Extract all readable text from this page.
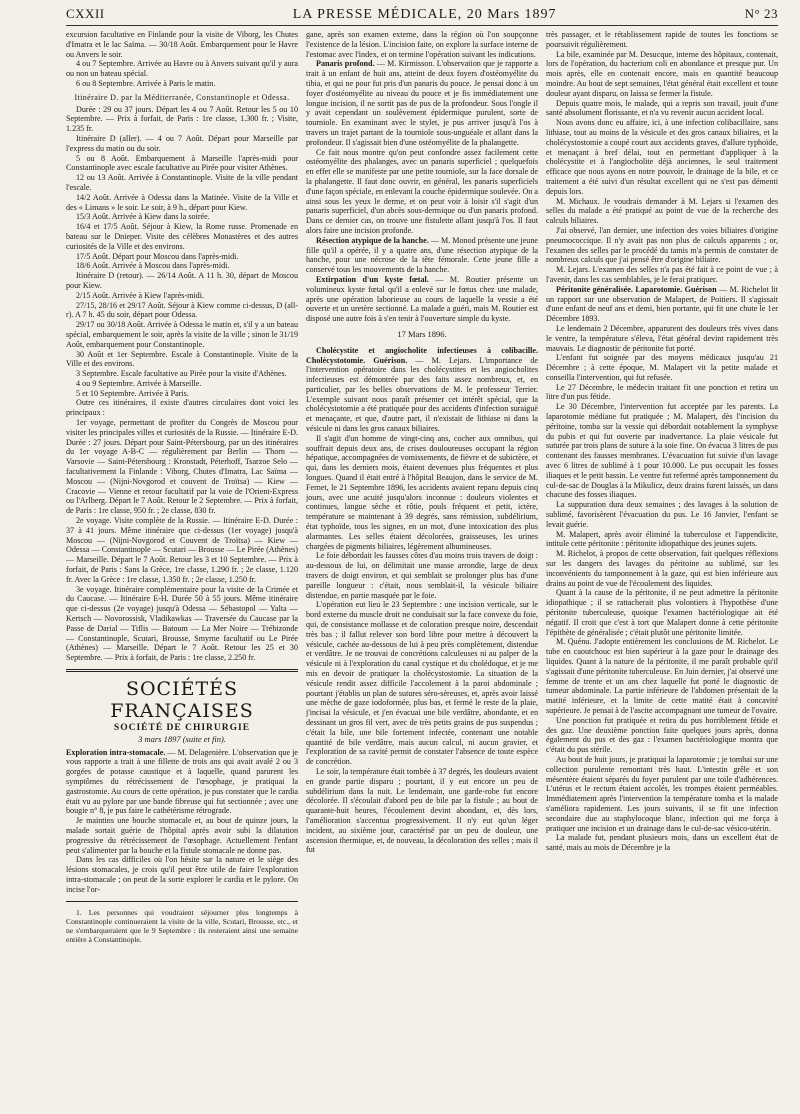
CXXII	LA PRESSE MÉDICALE, 20 Mars 1897	N° 23

excursion facultative en Finlande pour la visite de Viborg, les Chutes d'Imatra et le lac Saïma. — 30/18 Août. Embarquement pour le Havre ou Anvers le soir.

4 ou 7 Septembre. Arrivée au Havre ou à Anvers suivant qu'il y aura ou non un bateau spécial.

6 ou 8 Septembre. Arrivée à Paris le matin.

Itinéraire D. par la Méditerranée, Constantinople et Odessa.

Durée : 29 ou 37 jours. Départ les 4 ou 7 Août. Retour les 5 ou 10 Septembre. — Prix à forfait, de Paris : 1re classe, 1.300 fr. ; Visite, 1.235 fr.

Itinéraire D (aller). — 4 ou 7 Août. Départ pour Marseille par l'express du matin ou du soir.

5 ou 8 Août. Embarquement à Marseille l'après-midi pour Constantinople avec escale facultative au Pirée pour visiter Athènes.

12 ou 13 Août. Arrivée à Constantinople. Visite de la ville pendant l'escale.

14/2 Août. Arrivée à Odessa dans la Matinée. Visite de la Ville et des « Limans » le soir. Le soir, à 9 h., départ pour Kiew.

15/3 Août. Arrivée à Kiew dans la soirée.

16/4 et 17/5 Août. Séjour à Kiew, la Rome russe. Promenade en bateau sur le Dnieper. Visite des célèbres Monastères et des autres curiosités de la Ville et des environs.

17/5 Août. Départ pour Moscou dans l'après-midi.

18/6 Août. Arrivée à Moscou dans l'après-midi.

Itinéraire D (retour). — 26/14 Août. A 11 h. 30, départ de Moscou pour Kiew.

2/15 Août. Arrivée à Kiew l'après-midi.

27/15, 28/16 et 29/17 Août. Séjour à Kiew comme ci-dessus, D (all-r). A 7 h. 45 du soir, départ pour Odessa.

29/17 ou 30/18 Août. Arrivée à Odessa le matin et, s'il y a un bateau spécial, embarquement le soir, après la visite de la ville ; sinon le 31/19 Août, embarquement pour Constantinople.

30 Août et 1er Septembre. Escale à Constantinople. Visite de la Ville et des environs.

3 Septembre. Escale facultative au Pirée pour la visite d'Athènes.

4 ou 9 Septembre. Arrivée à Marseille.

5 et 10 Septembre. Arrivée à Paris.

Outre ces itinéraires, il existe d'autres circulaires dont voici les principaux :

1er voyage, permettant de profiter du Congrès de Moscou pour visiter les principales villes et curiosités de la Russie. — Itinéraire E-D. Durée : 27 jours. Départ pour Saint-Pétersbourg, par un des itinéraires du 1er voyage A-B-C — régulièrement par Berlin — Thorn — Varsovie — Saint-Pétersbourg : Kronstadt, Péterhoff, Tsarzoe Selo — facultativement la Finlande : Viborg, Chutes d'Imatra, Lac Saïma — Moscou — (Nijni-Novgorod et couvent de Troïtsa) — Kiew — Cracovie — Vienne et retour facultatif par la voie de l'Orient-Express ou l'Arlberg. Départ le 7 Août. Retour le 2 Septembre. — Prix à forfait, de Paris : 1re classe, 950 fr. ; 2e classe, 830 fr.

2e voyage. Visite complète de la Russie. — Itinéraire E-D. Durée : 37 à 41 jours. Même itinéraire que ci-dessus (1er voyage) jusqu'à Moscou — (Nijni-Novgorod et Couvent de Troïtsa) — Kiew — Odessa — Constantinople — Scutari — Brousse — Le Pirée (Athènes) — Marseille. Départ le 7 Août. Retour les 3 et 10 Septembre. — Prix à forfait, de Paris : Sans la Grèce, 1re classe, 1.290 fr. ; 2e classe, 1.120 fr. Avec la Grèce : 1re classe, 1.350 fr. ; 2e classe, 1.250 fr.

3e voyage. Itinéraire complémentaire pour la visite de la Crimée et du Caucase. — Itinéraire E-H. Durée 50 à 55 jours. Même itinéraire que ci-dessus (2e voyage) jusqu'à Odessa — Sébastopol — Yalta — Kertsch — Novorossisk, Vladikawkas — Traversée du Caucase par la Passe de Darial — Tiflis — Batoum — La Mer Noire — Trébizonde — Constantinople, Scutari, Brousse, Smyrne facultatif ou Le Pirée (Athènes) — Marseille. Départ le 7 Août. Retour les 25 et 30 Septembre. — Prix à forfait, de Paris : 1re classe, 2.250 fr.

SOCIÉTÉS FRANÇAISES
SOCIÉTÉ DE CHIRURGIE
3 mars 1897 (suite et fin).

Exploration intra-stomacale. — M. Delagenière. L'observation que je vous rapporte a trait à une fillette de trois ans qui avait avalé 2 ou 3 gorgées de potasse caustique et à laquelle, quand parurent les symptômes du rétrécissement de l'œsophage, je pratiquai la gastrostomie. Au cours de cette opération, je pus constater que le cardia était vu au pylore par une bande fibreuse qui fut sectionnée ; avec une bougie n° 8, je pus faire le cathétérisme rétrograde.

Je maintins une bouche stomacale et, au bout de quinze jours, la malade sortait guérie de l'hôpital après avoir subi la dilatation progressive du rétrécissement de l'œsophage. Actuellement l'enfant peut s'alimenter par la bouche et la fistule stomacale ne donne pas.

Dans les cas difficiles où l'on hésite sur la nature et le siège des lésions stomacales, je crois qu'il peut être utile de faire l'exploration intra-stomacale ; on peut de la sorte explorer le cardia et le pylore. On incise l'or-

1. Les personnes qui voudraient séjourner plus longtemps à Constantinople continueraient la visite de la ville, Scutari, Brousse, etc., et ne s'embarqueraient que le 9 Septembre : ils resteraient ainsi une semaine entière à Constantinople.

gane, après son examen externe, dans la région où l'on soupçonne l'existence de la lésion. L'incision faite, on explore la surface interne de l'estomac avec l'index, et on termine l'opération suivant les indications.

Panaris profond. — M. Kirmisson. L'observation que je rapporte a trait à un enfant de huit ans, atteint de deux foyers d'ostéomyélite du tibia, et qui ne pour fut pris d'un panaris du pouce. Je pensai donc à un foyer d'ostéomyélite au niveau du pouce et je fis immédiatement une longue incision, il ne sortit pas de pus de la profondeur. Sous l'ongle il y avait cependant un soulèvement épidermique purulent, sorte de tourniole. En examinant avec le stylet, je pus arriver jusqu'à l'os à travers un trajet partant de la tourniole sous-unguéale et allant dans la profondeur. Il s'agissait bien d'une ostéomyélite de la phalangette.

Ce fait nous montre qu'on peut confondre assez facilement cette ostéomyélite des phalanges, avec un panaris superficiel ; quelquefois en effet elle se manifeste par une petite tourniole, sur la face dorsale de la phalangette. Il faut donc ouvrir, en général, les panaris superficiels d'une façon spéciale, en enlevant la couche épidermique soulevée. On a ainsi sous les yeux le derme, et on peut voir à loisir s'il s'agit d'un panaris superficiel, d'un abcès sous-dermique ou d'un panaris profond. Dans ce dernier cas, on trouve une fistulette allant jusqu'à l'os. Il faut alors faire une incision profonde.

Résection atypique de la hanche. — M. Monod présente une jeune fille qu'il a opérée, il y a quatre ans, d'une résection atypique de la hanche, pour une nécrose de la tête fémorale. Cette jeune fille a conservé tous les mouvements de la hanche.

Extirpation d'un kyste fœtal. — M. Routier présente un volumineux kyste fœtal qu'il a enlevé sur le fœtus chez une malade, après une opération laborieuse au cours de laquelle la vessie a été ouverte et un uretère sectionné. La malade a guéri, mais M. Routier est disposé une autre fois à s'en tenir à l'ouverture simple du kyste.

17 Mars 1896.

Cholécystite et angiocholite infectieuses à colibacille. Cholécystotomie. Guérison. — M. Lejars. L'importance de l'intervention opératoire dans les cholécystites et les angiocholites infectieuses est démontrée par des faits assez nombreux, et, en particulier, par les belles observations de M. le professeur Terrier. L'exemple suivant nous paraît présenter cet intérêt spécial, que la cholécystotomie a été pratiquée pour des accidents d'infection suraiguë et menaçante, et que, d'autre part, il n'existait de lithiase ni dans la vésicule ni dans les gros canaux biliaires.

Il s'agit d'un homme de vingt-cinq ans, cocher aux omnibus, qui souffrait depuis deux ans, de crises douloureuses occupant la région hépatique, accompagnées de vomissements, de fièvre et de subictère, et qui, dans les derniers mois, étaient devenues plus fréquentes et plus longues. Quand il était entré à l'hôpital Beaujon, dans le service de M. Fernet, le 21 Septembre 1896, les accidents avaient reparu depuis cinq jours, avec une acuité jusqu'alors inconnue : douleurs violentes et continues, langue sèche et rôtie, pouls fréquent et petit, ictère, température se maintenant à 39 degrés, sans rémission, subdélirium, état typhoïde, tous les signes, en un mot, d'une intoxication des plus alarmantes. Les selles étaient décolorées, graisseuses, les urines chargées de pigments biliaires, légèrement albumineuses.

Le foie débordait les fausses côtes d'au moins trois travers de doigt : au-dessous de lui, on délimitait une masse arrondie, large de deux travers de doigt environ, et qui semblait se prolonger plus bas d'une pareille longueur : c'était, nous semblait-il, la vésicule biliaire distendue, en partie masquée par le foie.

L'opération eut lieu le 23 Septembre : une incision verticale, sur le bord externe du muscle droit ne conduisait sur la face convexe du foie, qui, de consistance mollasse et de coloration presque noire, descendait très bas ; il fallut relever son bord libre pour mettre à découvert la vésicule, cachée au-dessous de lui à peu près complètement, distendue et verdâtre. Je ne trouvai de concrétions calculeuses ni au palper de la vésicule ni à l'exploration du canal cystique et du cholédoque, et je me mis en devoir de pratiquer la cholécystostomie. La situation de la vésicule rendit assez difficile l'accolement à la paroi abdominale ; pourtant j'établis un plan de sutures séro-séreuses, et, après avoir laissé une mèche de gaze iodoformée, plus bas, et fermé le reste de la plaie, j'incisai la vésicule, et j'en évacuai une bile verdâtre, abondante, et en dessinant un gros fil vert, avec de très petits grains de pus suspendus ; c'était la bile, une bile fortement infectée, contenant une notable quantité de bile verdâtre, mais aucun calcul, ni aucun gravier, et l'exploration de sa cavité permit de constater l'absence de toute espèce de concrétion.

Le soir, la température était tombée à 37 degrés, les douleurs avaient en grande partie disparu ; pourtant, il y eut encore un peu de subdélirium dans la nuit. Le lendemain, une garde-robe fut encore décolorée. Il s'écoulait d'abord peu de bile par la fistule ; au bout de quarante-huit heures, l'écoulement devint abondant, et, dès lors, l'amélioration s'accentua progressivement. Il n'y eut qu'un léger incident, au sixième jour, caractérisé par un peu de douleur, une ascension thermique, et, de nouveau, la décoloration des selles ; mais il fut

très passager, et le rétablissement rapide de toutes les fonctions se poursuivit régulièrement.

La bile, examinée par M. Desucque, interne des hôpitaux, contenait, lors de l'opération, du bacterium coli en abondance et presque pur. Un mois après, elle en contenait encore, mais en quantité beaucoup moindre. Au bout de sept semaines, l'état général était excellent et toute douleur ayant disparu, on laissa se fermer la fistule.

Depuis quatre mois, le malade, qui a repris son travail, jouit d'une santé absolument florissante, et n'a vu revenir aucun accident local.

Nous avons donc eu affaire, ici, à une infection colibacillaire, sans lithiase, tout au moins de la vésicule et des gros canaux biliaires, et la cholécystostomie a coupé court aux accidents graves, d'allure typhoïde, et menaçant à bref délai, tout en permettant d'appliquer à la cholécystite et à l'angiocholite déjà anciennes, le seul traitement efficace que nous ayons en notre pouvoir, le drainage de la bile, et ce traitement a été suivi d'un résultat excellent qui ne s'est pas démenti depuis lors.

M. Michaux. Je voudrais demander à M. Lejars si l'examen des selles du malade a été pratiqué au point de vue de la recherche des calculs biliaires.

J'ai observé, l'an dernier, une infection des voies biliaires d'origine pneumococcique. Il n'y avait pas non plus de calculs apparents ; or, l'examen des selles par le procédé du tamis m'a permis de constater de nombreux calculs que j'ai pensé être d'origine biliaire.

M. Lejars. L'examen des selles n'a pas été fait à ce point de vue ; à l'avenir, dans les cas semblables, je le ferai pratiquer.

Péritonite généralisée. Laparotomie. Guérison — M. Richelot lit un rapport sur une observation de Malapert, de Poitiers. Il s'agissait d'une enfant de neuf ans et demi, bien portante, qui fit une chute le 1er Décembre 1893.

Le lendemain 2 Décembre, apparurent des douleurs très vives dans le ventre, la température s'éleva, l'état général devint rapidement très mauvais. Le diagnostic de péritonite fut porté.

L'enfant fut soignée par des moyens médicaux jusqu'au 21 Décembre ; à cette époque, M. Malapert vit la petite malade et conseilla l'intervention, qui fut refusée.

Le 27 Décembre, le médecin traitant fit une ponction et retira un litre d'un pus fétide.

Le 30 Décembre, l'intervention fut acceptée par les parents. La laparotomie médiane fut pratiquée ; M. Malapert, dès l'incision du péritoine, tomba sur la vessie qui débordait notablement la symphyse du pubis et qui fut ouverte par inadvertance. La plaie vésicale fut suturée par trois plans de suture à la soie fine. On évacua 3 litres de pus contenant des fausses membranes. L'évacuation fut suivie d'un lavage avec 6 litres de sublimé à 1 pour 10.000. Le pus occupait les fosses iliaques et le petit bassin. Le ventre fut refermé après tamponnement du cul-de-sac de Douglas à la Mikulicz, deux drains furent laissés, un dans chacune des fosses iliaques.

La suppuration dura deux semaines ; des lavages à la solution de sublimé, favorisèrent l'évacuation du pus. Le 16 Janvier, l'enfant se levait guérie.

M. Malapert, après avoir éliminé la tuberculose et l'appendicite, intitule cette péritonite : péritonite idiopathique des jeunes sujets.

M. Richelot, à propos de cette observation, fait quelques réflexions sur les dangers des lavages du péritoine au sublimé, sur les inconvénients du tamponnement à la gaze, qui est bien inférieure aux drains au point de vue de l'écoulement des liquides.

Quant à la cause de la péritonite, il ne peut admettre la péritonite idiopathique ; il se rattacherait plus volontiers à l'hypothèse d'une péritonite tuberculeuse, quoique l'examen bactériologique ait été négatif. Il croit que c'est à tort que Malapert donne à cette péritonite l'épithète de généralisée ; c'était plutôt une péritonite limitée.

M. Quénu. J'adopte entièrement les conclusions de M. Richelot. Le tube en caoutchouc est bien supérieur à la gaze pour le drainage des liquides. Quant à la nature de la péritonite, il me paraît probable qu'il s'agissait d'une péritonite tuberculeuse. En Juin dernier, j'ai observé une femme de trente et un ans chez laquelle fut porté le diagnostic de tumeur abdominale. La partie inférieure de l'abdomen présentait de la matité inférieure, et la limite de cette matité était à concavité supérieure. Je pensai à de l'ascite accompagnant une tumeur de l'ovaire.

Une ponction fut pratiquée et retira du pus horriblement fétide et des gaz. Une deuxième ponction faite quelques jours après, donna également du pus et des gaz : l'examen bactériologique montra que c'était du pus stérile.

Au bout de huit jours, je pratiquai la laparotomie ; je tombai sur une collection purulente remontant très haut. L'intestin grêle et son mésentère étaient séparés du foyer purulent par une toile d'adhérences. L'utérus et le rectum étaient accolés, les trompes étaient perméables. Immédiatement après l'intervention la température tomba et la malade s'améliora rapidement. Les jours suivants, il se fit une infection secondaire due au staphylocoque blanc, infection qui me força à pratiquer une incision et un drainage dans le cul-de-sac vésico-utérin.

La malade fut, pendant plusieurs mois, dans un excellent état de santé, mais au mois de Décembre je la
